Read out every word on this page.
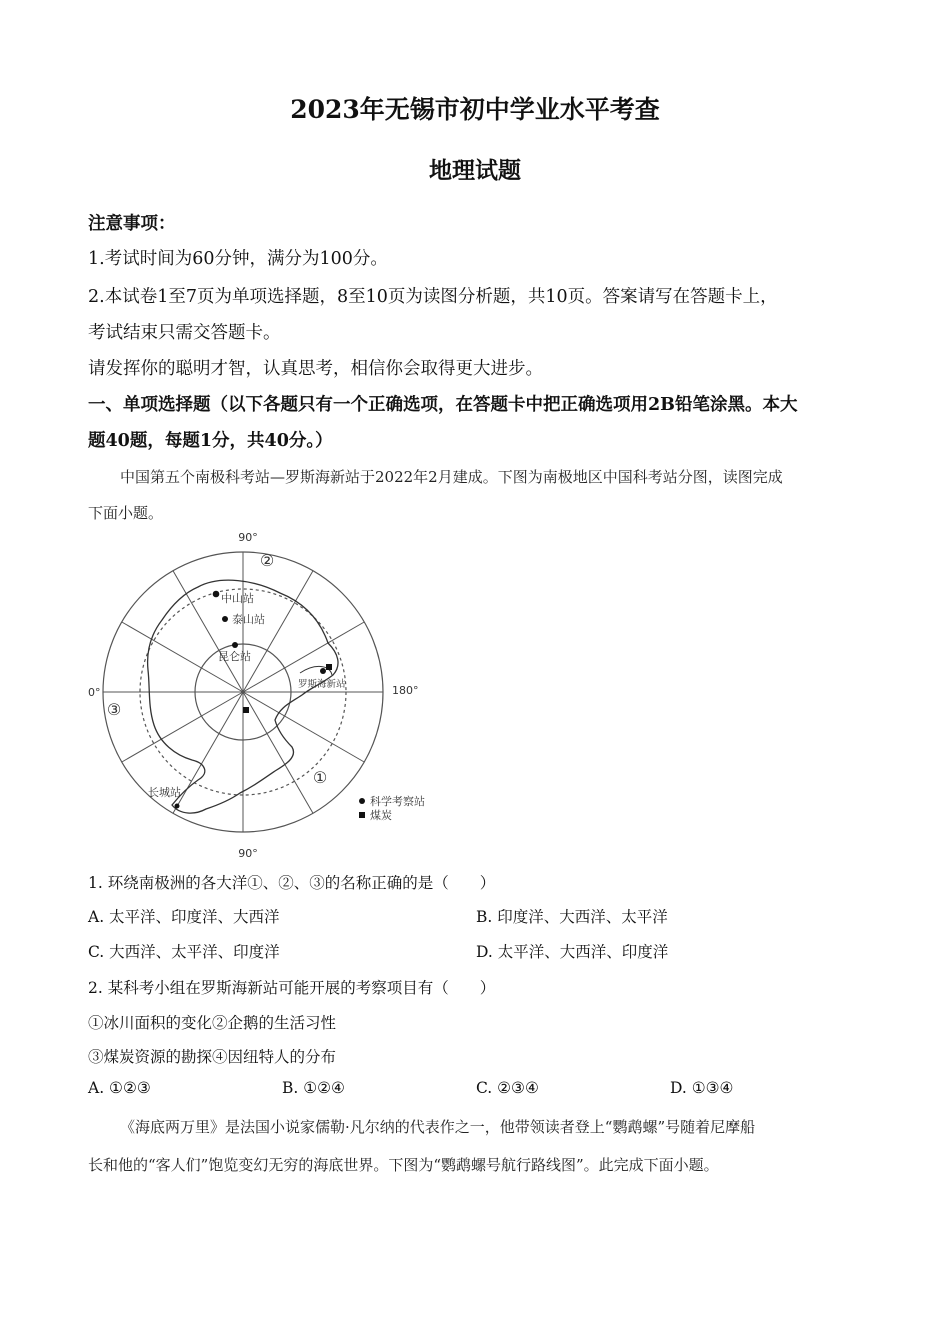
2023年无锡市初中学业水平考查
地理试题
注意事项：
1.考试时间为60分钟，满分为100分。
2.本试卷1至7页为单项选择题，8至10页为读图分析题，共10页。答案请写在答题卡上，
考试结束只需交答题卡。
请发挥你的聪明才智，认真思考，相信你会取得更大进步。
一、单项选择题（以下各题只有一个正确选项，在答题卡中把正确选项用2B铅笔涂黑。本大
题40题，每题1分，共40分。）
中国第五个南极科考站—罗斯海新站于2022年2月建成。下图为南极地区中国科考站分图，读图完成
下面小题。
90°
90°
0°	180°
②
③
①
中山站
泰山站
昆仑站
罗斯海新站
长城站
科学考察站
煤炭
1. 环绕南极洲的各大洋①、②、③的名称正确的是（　　）
A. 太平洋、印度洋、大西洋	B. 印度洋、大西洋、太平洋
C. 大西洋、太平洋、印度洋	D. 太平洋、大西洋、印度洋
2. 某科考小组在罗斯海新站可能开展的考察项目有（　　）
①冰川面积的变化②企鹅的生活习性
③煤炭资源的勘探④因纽特人的分布
A. ①②③	B. ①②④	C. ②③④	D. ①③④
《海底两万里》是法国小说家儒勒·凡尔纳的代表作之一，他带领读者登上“鹦鹉螺”号随着尼摩船
长和他的“客人们”饱览变幻无穷的海底世界。下图为“鹦鹉螺号航行路线图”。此完成下面小题。
